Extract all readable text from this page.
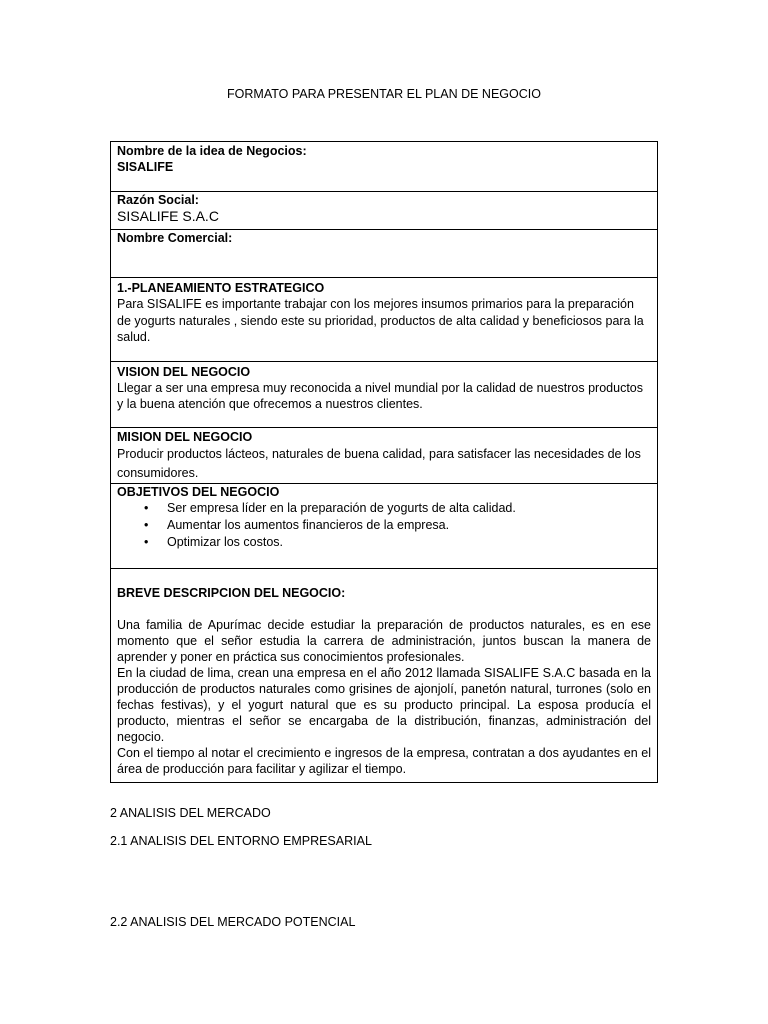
FORMATO PARA PRESENTAR EL PLAN DE NEGOCIO
Nombre de la idea de Negocios:
SISALIFE

Razón Social:
SISALIFE S.A.C

Nombre Comercial:

1.-PLANEAMIENTO ESTRATEGICO
Para SISALIFE es importante trabajar con los mejores insumos primarios para la preparación de yogurts naturales , siendo este su prioridad, productos de alta calidad y beneficiosos para la salud.

VISION DEL NEGOCIO
Llegar a ser una empresa muy reconocida a nivel mundial por la calidad de nuestros productos y la buena atención que ofrecemos a nuestros clientes.

MISION DEL NEGOCIO
Producir productos lácteos, naturales de buena calidad, para satisfacer las necesidades de los consumidores.

OBJETIVOS DEL NEGOCIO
• Ser empresa líder en la preparación de yogurts de alta calidad.
• Aumentar los aumentos financieros de la empresa.
• Optimizar los costos.

BREVE DESCRIPCION DEL NEGOCIO:
Una familia de Apurímac decide estudiar la preparación de productos naturales, es en ese momento que el señor estudia la carrera de administración, juntos buscan la manera de aprender y poner en práctica sus conocimientos profesionales.
En la ciudad de lima, crean una empresa en el año 2012 llamada SISALIFE S.A.C basada en la producción de productos naturales como grisines de ajonjolí, panetón natural, turrones (solo en fechas festivas), y el yogurt natural que es su producto principal. La esposa producía el producto, mientras el señor se encargaba de la distribución, finanzas, administración del negocio.
Con el tiempo al notar el crecimiento e ingresos de la empresa, contratan a dos ayudantes en el área de producción para facilitar y agilizar el tiempo.
2 ANALISIS DEL MERCADO
2.1 ANALISIS DEL ENTORNO EMPRESARIAL
2.2 ANALISIS DEL MERCADO POTENCIAL
